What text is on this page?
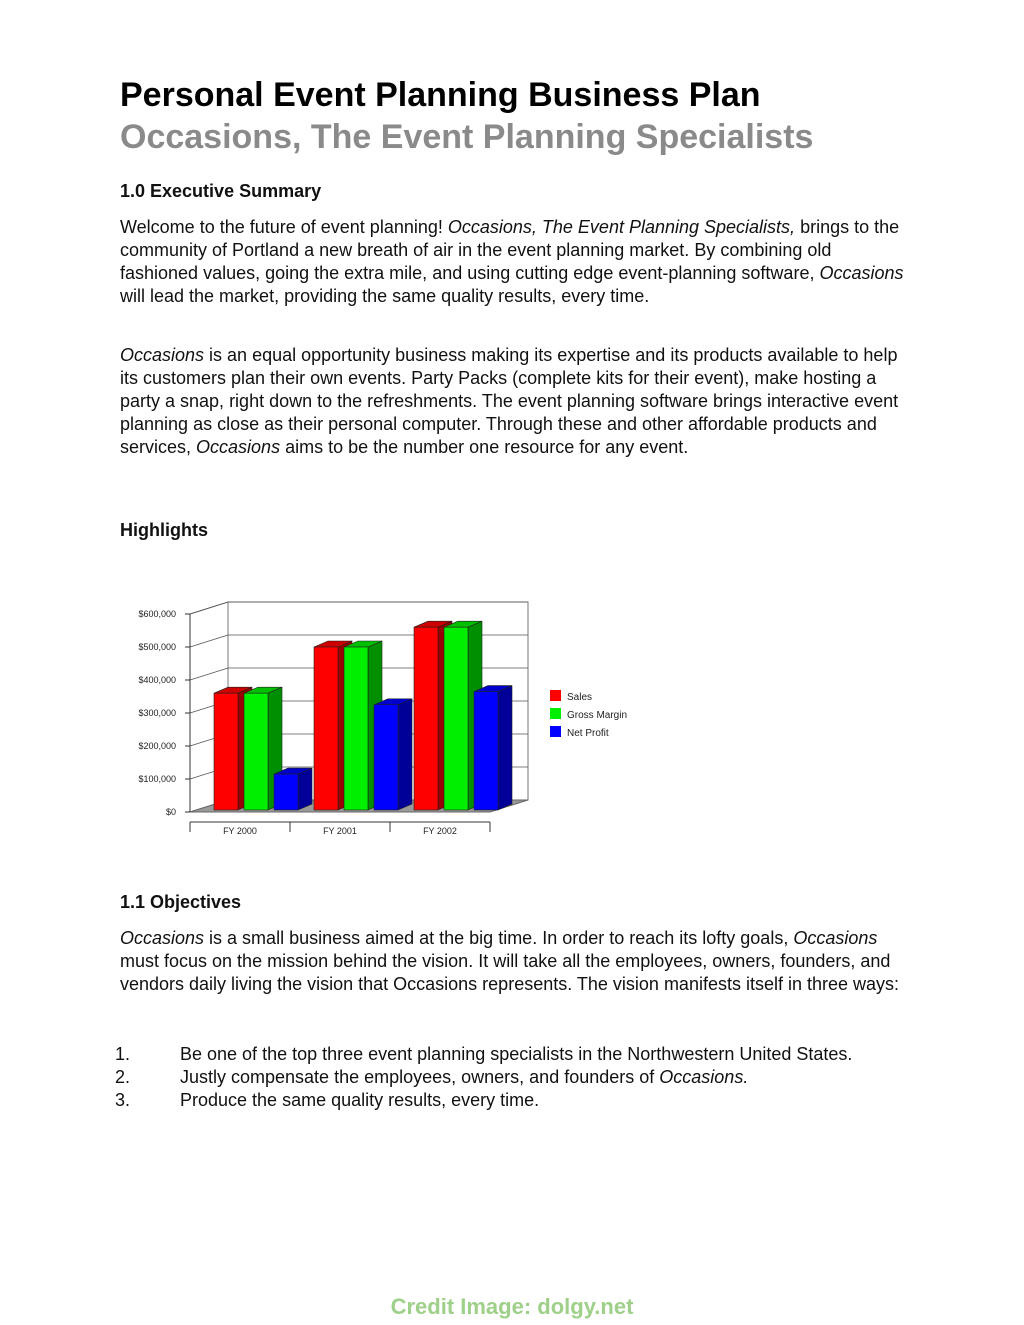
Personal Event Planning Business Plan
Occasions, The Event Planning Specialists
1.0 Executive Summary

Welcome to the future of event planning! Occasions, The Event Planning Specialists, brings to the community of Portland a new breath of air in the event planning market. By combining old fashioned values, going the extra mile, and using cutting edge event-planning software, Occasions will lead the market, providing the same quality results, every time.

Occasions is an equal opportunity business making its expertise and its products available to help its customers plan their own events. Party Packs (complete kits for their event), make hosting a party a snap, right down to the refreshments. The event planning software brings interactive event planning as close as their personal computer. Through these and other affordable products and services, Occasions aims to be the number one resource for any event.

Highlights
1.1 Objectives

Occasions is a small business aimed at the big time. In order to reach its lofty goals, Occasions must focus on the mission behind the vision. It will take all the employees, owners, founders, and vendors daily living the vision that Occasions represents. The vision manifests itself in three ways:

1.	Be one of the top three event planning specialists in the Northwestern United States.
2.	Justly compensate the employees, owners, and founders of Occasions.
3.	Produce the same quality results, every time.
$0
$100,000
$200,000
$300,000
$400,000
$500,000
$600,000
FY 2000	FY 2001	FY 2002
Sales
Gross Margin
Net Profit
Credit Image: dolgy.net
